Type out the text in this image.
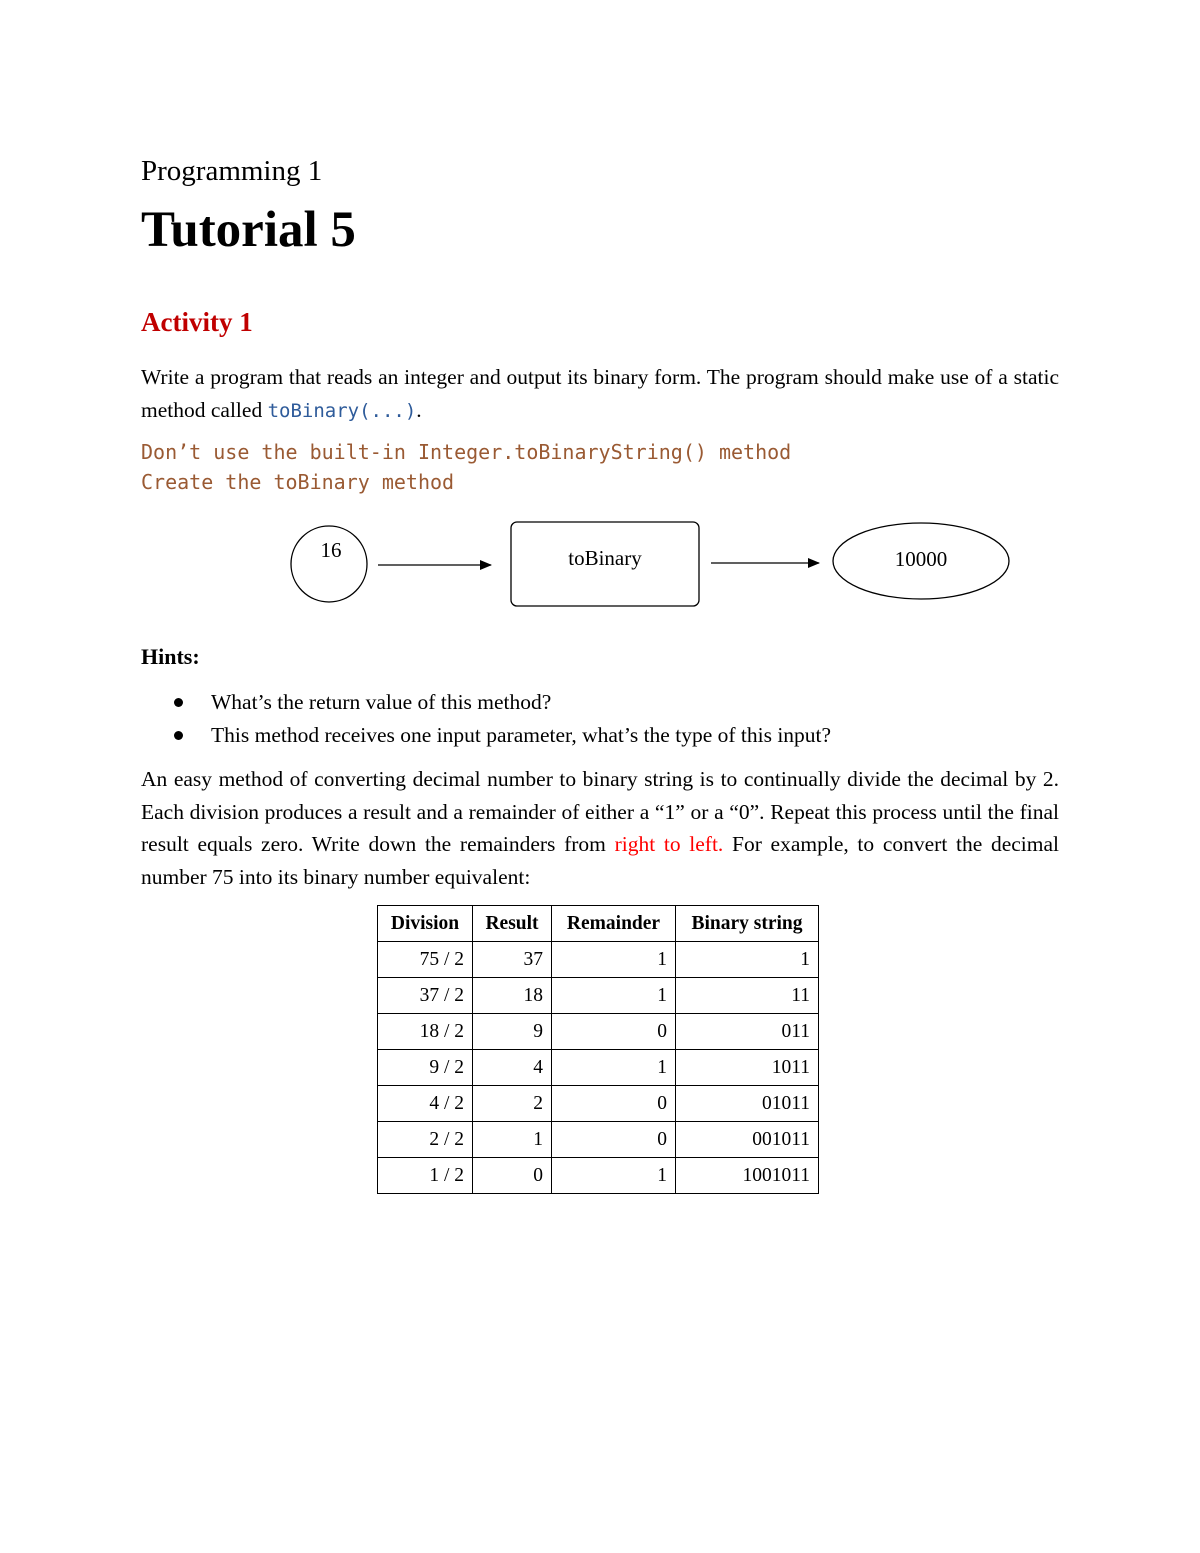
Programming 1
Tutorial 5
Activity 1
Write a program that reads an integer and output its binary form. The program should make use of a static method called toBinary(...).
Don’t use the built-in Integer.toBinaryString() method
Create the toBinary method
16	toBinary	10000
Hints:
What’s the return value of this method?
This method receives one input parameter, what’s the type of this input?
An easy method of converting decimal number to binary string is to continually divide the decimal by 2. Each division produces a result and a remainder of either a “1” or a “0”. Repeat this process until the final result equals zero. Write down the remainders from right to left. For example, to convert the decimal number 75 into its binary number equivalent:
Division	Result	Remainder	Binary string
75 / 2	37	1	1
37 / 2	18	1	11
18 / 2	9	0	011
9 / 2	4	1	1011
4 / 2	2	0	01011
2 / 2	1	0	001011
1 / 2	0	1	1001011
